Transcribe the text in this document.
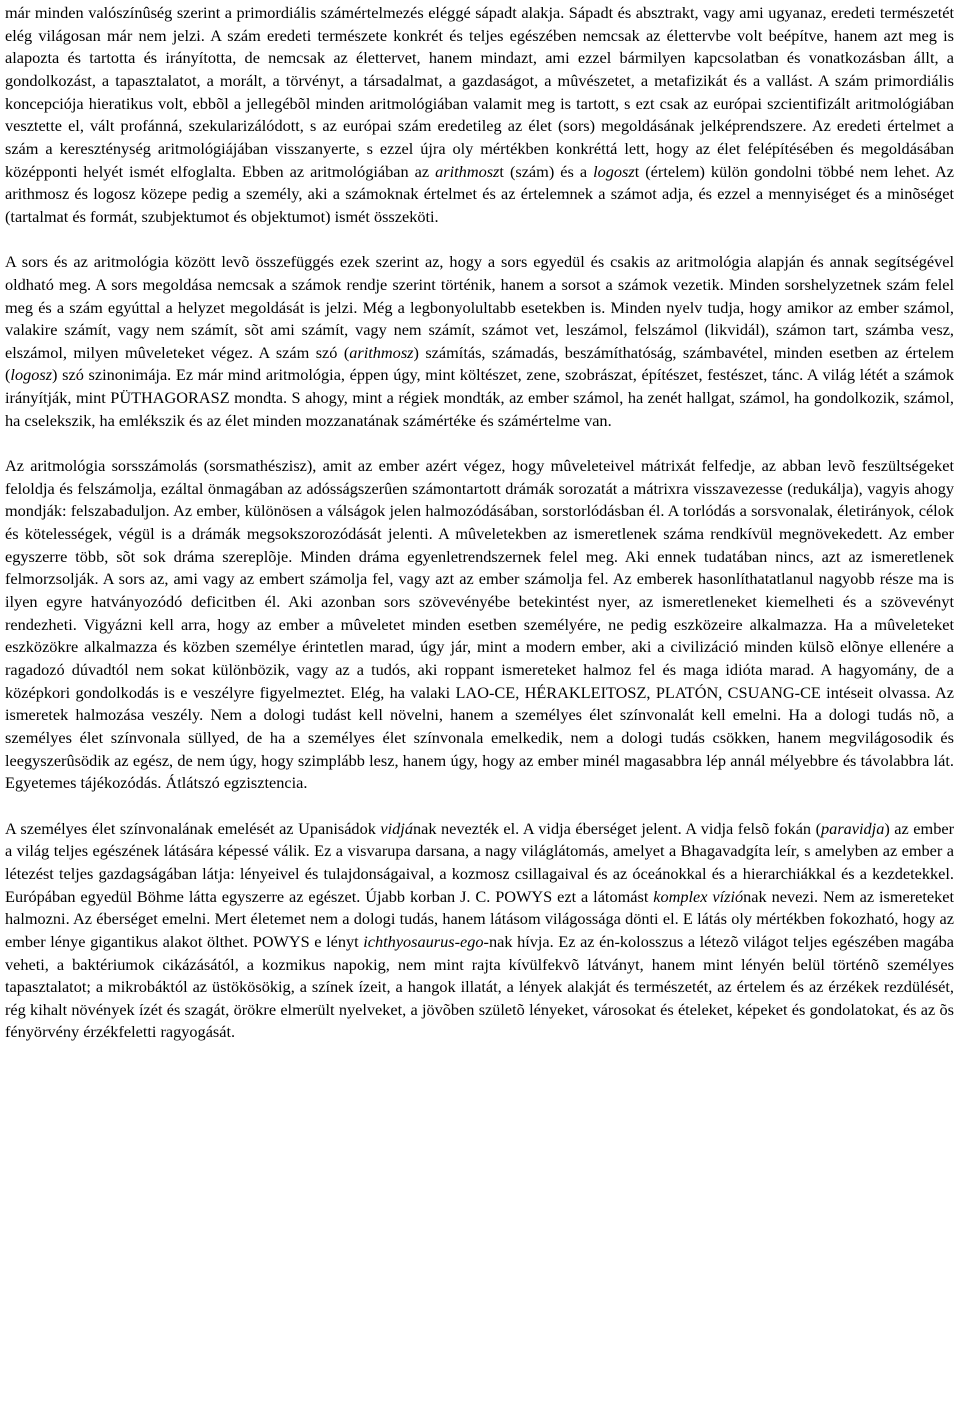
már minden valószínûség szerint a primordiális számértelmezés eléggé sápadt alakja. Sápadt és absztrakt, vagy ami ugyanaz, eredeti természetét elég világosan már nem jelzi. A szám eredeti természete konkrét és teljes egészében nemcsak az élettervbe volt beépítve, hanem azt meg is alapozta és tartotta és irányította, de nemcsak az élettervet, hanem mindazt, ami ezzel bármilyen kapcsolatban és vonatkozásban állt, a gondolkozást, a tapasztalatot, a morált, a törvényt, a társadalmat, a gazdaságot, a mûvészetet, a metafizikát és a vallást. A szám primordiális koncepciója hieratikus volt, ebbõl a jellegébõl minden aritmológiában valamit meg is tartott, s ezt csak az európai szcientifizált aritmológiában vesztette el, vált profánná, szekularizálódott, s az európai szám eredetileg az élet (sors) megoldásának jelképrendszere. Az eredeti értelmet a szám a kereszténység aritmológiájában visszanyerte, s ezzel újra oly mértékben konkréttá lett, hogy az élet felépítésében és megoldásában középponti helyét ismét elfoglalta. Ebben az aritmológiában az arithmoszt (szám) és a logoszt (értelem) külön gondolni többé nem lehet. Az arithmosz és logosz közepe pedig a személy, aki a számoknak értelmet és az értelemnek a számot adja, és ezzel a mennyiséget és a minõséget (tartalmat és formát, szubjektumot és objektumot) ismét összeköti.

A sors és az aritmológia között levõ összefüggés ezek szerint az, hogy a sors egyedül és csakis az aritmológia alapján és annak segítségével oldható meg. A sors megoldása nemcsak a számok rendje szerint történik, hanem a sorsot a számok vezetik. Minden sorshelyzetnek szám felel meg és a szám egyúttal a helyzet megoldását is jelzi. Még a legbonyolultabb esetekben is. Minden nyelv tudja, hogy amikor az ember számol, valakire számít, vagy nem számít, sõt ami számít, vagy nem számít, számot vet, leszámol, felszámol (likvidál), számon tart, számba vesz, elszámol, milyen mûveleteket végez. A szám szó (arithmosz) számítás, számadás, beszámíthatóság, számbavétel, minden esetben az értelem (logosz) szó szinonimája. Ez már mind aritmológia, éppen úgy, mint költészet, zene, szobrászat, építészet, festészet, tánc. A világ létét a számok irányítják, mint PÜTHAGORASZ mondta. S ahogy, mint a régiek mondták, az ember számol, ha zenét hallgat, számol, ha gondolkozik, számol, ha cselekszik, ha emlékszik és az élet minden mozzanatának számértéke és számértelme van.

Az aritmológia sorsszámolás (sorsmathészisz), amit az ember azért végez, hogy mûveleteivel mátrixát felfedje, az abban levõ feszültségeket feloldja és felszámolja, ezáltal önmagában az adósságszerûen számontartott drámák sorozatát a mátrixra visszavezesse (redukálja), vagyis ahogy mondják: felszabaduljon. Az ember, különösen a válságok jelen halmozódásában, sorstorlódásban él. A torlódás a sorsvonalak, életirányok, célok és kötelességek, végül is a drámák megsokszorozódását jelenti. A mûveletekben az ismeretlenek száma rendkívül megnövekedett. Az ember egyszerre több, sõt sok dráma szereplõje. Minden dráma egyenletrendszernek felel meg. Aki ennek tudatában nincs, azt az ismeretlenek felmorzsolják. A sors az, ami vagy az embert számolja fel, vagy azt az ember számolja fel. Az emberek hasonlíthatatlanul nagyobb része ma is ilyen egyre hatványozódó deficitben él. Aki azonban sors szövevényébe betekintést nyer, az ismeretleneket kiemelheti és a szövevényt rendezheti. Vigyázni kell arra, hogy az ember a mûveletet minden esetben személyére, ne pedig eszközeire alkalmazza. Ha a mûveleteket eszközökre alkalmazza és közben személye érintetlen marad, úgy jár, mint a modern ember, aki a civilizáció minden külsõ elõnye ellenére a ragadozó dúvadtól nem sokat különbözik, vagy az a tudós, aki roppant ismereteket halmoz fel és maga idióta marad. A hagyomány, de a középkori gondolkodás is e veszélyre figyelmeztet. Elég, ha valaki LAO-CE, HÉRAKLEITOSZ, PLATÓN, CSUANG-CE intéseit olvassa. Az ismeretek halmozása veszély. Nem a dologi tudást kell növelni, hanem a személyes élet színvonalát kell emelni. Ha a dologi tudás nõ, a személyes élet színvonala süllyed, de ha a személyes élet színvonala emelkedik, nem a dologi tudás csökken, hanem megvilágosodik és leegyszerûsödik az egész, de nem úgy, hogy szimplább lesz, hanem úgy, hogy az ember minél magasabbra lép annál mélyebbre és távolabbra lát. Egyetemes tájékozódás. Átlátszó egzisztencia.

A személyes élet színvonalának emelését az Upanisádok vidjának nevezték el. A vidja éberséget jelent. A vidja felsõ fokán (paravidja) az ember a világ teljes egészének látására képessé válik. Ez a visvarupa darsana, a nagy világlátomás, amelyet a Bhagavadgíta leír, s amelyben az ember a létezést teljes gazdagságában látja: lényeivel és tulajdonságaival, a kozmosz csillagaival és az óceánokkal és a hierarchiákkal és a kezdetekkel. Európában egyedül Böhme látta egyszerre az egészet. Újabb korban J. C. POWYS ezt a látomást komplex víziónak nevezi. Nem az ismereteket halmozni. Az éberséget emelni. Mert életemet nem a dologi tudás, hanem látásom világossága dönti el. E látás oly mértékben fokozható, hogy az ember lénye gigantikus alakot ölthet. POWYS e lényt ichthyosaurus-ego-nak hívja. Ez az én-kolosszus a létezõ világot teljes egészében magába veheti, a baktériumok cikázásától, a kozmikus napokig, nem mint rajta kívülfekvõ látványt, hanem mint lényén belül történõ személyes tapasztalatot; a mikrobáktól az üstökösökig, a színek ízeit, a hangok illatát, a lények alakját és természetét, az értelem és az érzékek rezdülését, rég kihalt növények ízét és szagát, örökre elmerült nyelveket, a jövõben születõ lényeket, városokat és ételeket, képeket és gondolatokat, és az õs fényörvény érzékfeletti ragyogását.
